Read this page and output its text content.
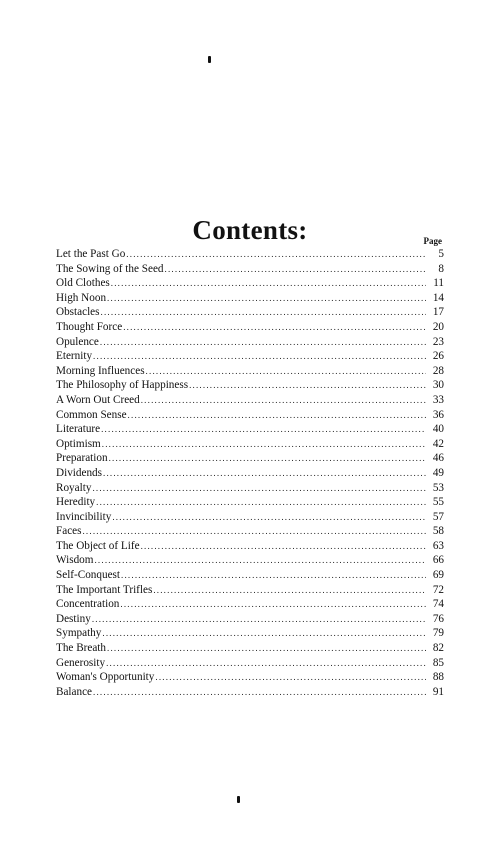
Contents:	Page
Let the Past Go .....	5
The Sowing of the Seed .....	8
Old Clothes .....	11
High Noon .....	14
Obstacles .....	17
Thought Force .....	20
Opulence .....	23
Eternity .....	26
Morning Influences .....	28
The Philosophy of Happiness .....	30
A Worn Out Creed .....	33
Common Sense .....	36
Literature .....	40
Optimism .....	42
Preparation .....	46
Dividends .....	49
Royalty .....	53
Heredity .....	55
Invincibility .....	57
Faces .....	58
The Object of Life .....	63
Wisdom .....	66
Self-Conquest .....	69
The Important Trifles .....	72
Concentration .....	74
Destiny .....	76
Sympathy .....	79
The Breath .....	82
Generosity .....	85
Woman's Opportunity .....	88
Balance .....	91
